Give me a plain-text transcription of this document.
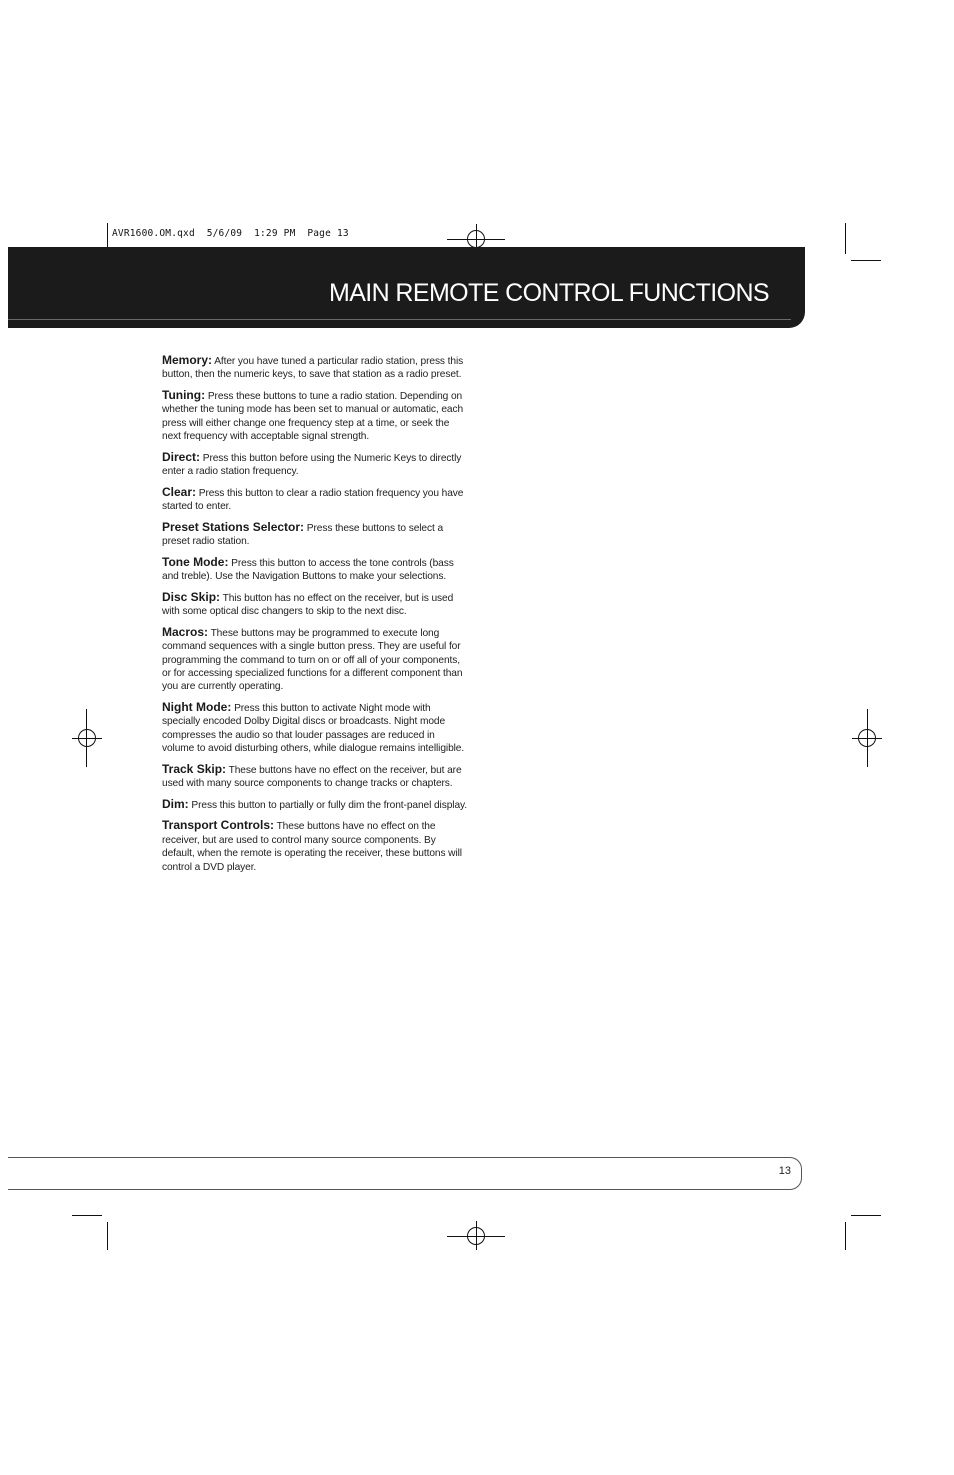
AVR1600.OM.qxd  5/6/09  1:29 PM  Page 13
MAIN REMOTE CONTROL FUNCTIONS

Memory: After you have tuned a particular radio station, press this button, then the numeric keys, to save that station as a radio preset.

Tuning: Press these buttons to tune a radio station. Depending on whether the tuning mode has been set to manual or automatic, each press will either change one frequency step at a time, or seek the next frequency with acceptable signal strength.

Direct: Press this button before using the Numeric Keys to directly enter a radio station frequency.

Clear: Press this button to clear a radio station frequency you have started to enter.

Preset Stations Selector: Press these buttons to select a preset radio station.

Tone Mode: Press this button to access the tone controls (bass and treble). Use the Navigation Buttons to make your selections.

Disc Skip: This button has no effect on the receiver, but is used with some optical disc changers to skip to the next disc.

Macros: These buttons may be programmed to execute long command sequences with a single button press. They are useful for programming the command to turn on or off all of your components, or for accessing specialized functions for a different component than you are currently operating.

Night Mode: Press this button to activate Night mode with specially encoded Dolby Digital discs or broadcasts. Night mode compresses the audio so that louder passages are reduced in volume to avoid disturbing others, while dialogue remains intelligible.

Track Skip: These buttons have no effect on the receiver, but are used with many source components to change tracks or chapters.

Dim: Press this button to partially or fully dim the front-panel display.

Transport Controls: These buttons have no effect on the receiver, but are used to control many source components. By default, when the remote is operating the receiver, these buttons will control a DVD player.

13
